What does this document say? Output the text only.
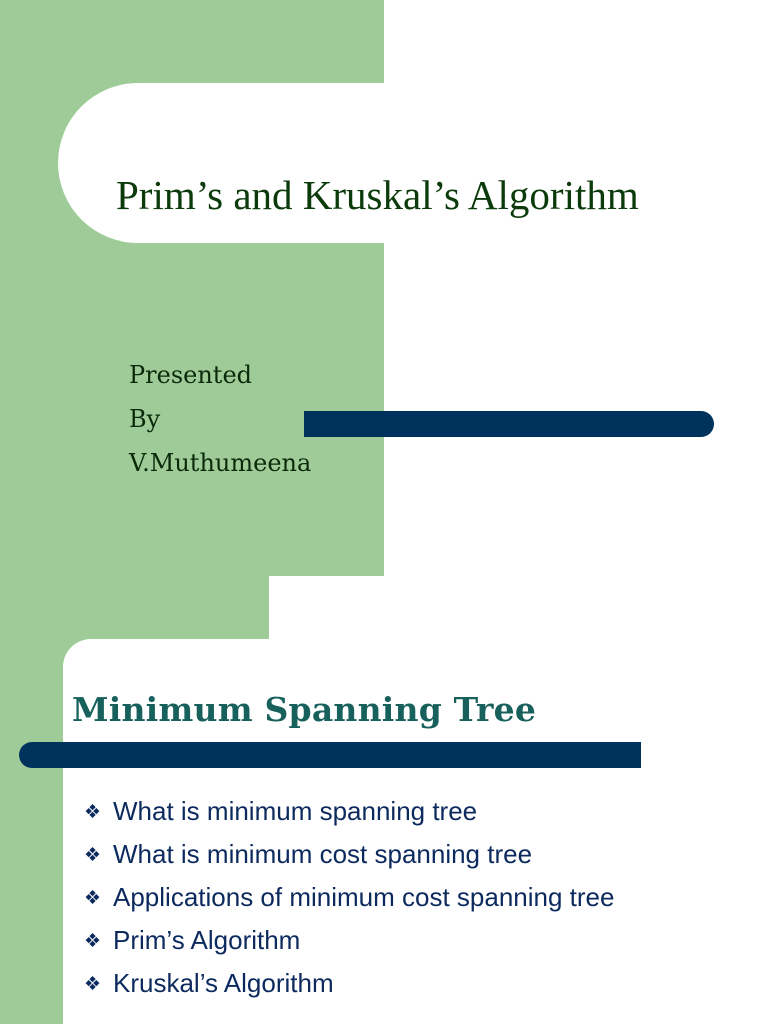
Prim’s and Kruskal’s Algorithm
Presented
By
V.Muthumeena
Minimum Spanning Tree
❖ What is minimum spanning tree
❖ What is minimum cost spanning tree
❖ Applications of minimum cost spanning tree
❖ Prim’s Algorithm
❖ Kruskal’s Algorithm
